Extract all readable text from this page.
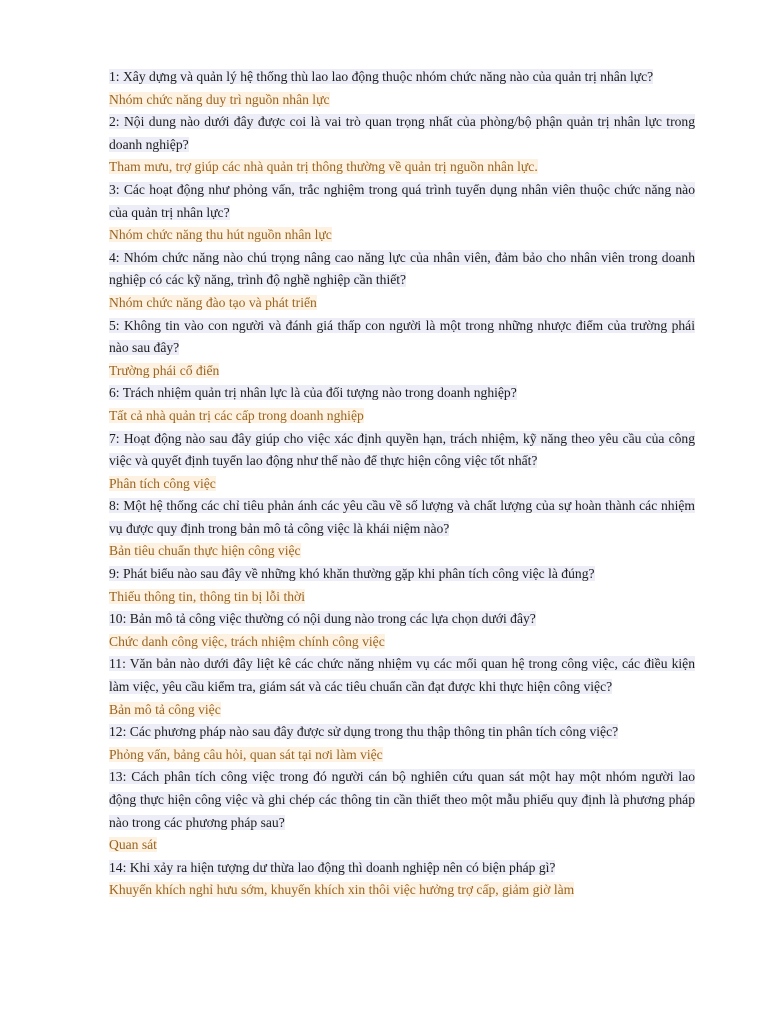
1: Xây dựng và quản lý hệ thống thù lao lao động thuộc nhóm chức năng nào của quản trị nhân lực?

Nhóm chức năng duy trì nguồn nhân lực

2: Nội dung nào dưới đây được coi là vai trò quan trọng nhất của phòng/bộ phận quản trị nhân lực trong doanh nghiệp?

Tham mưu, trợ giúp các nhà quản trị thông thường về quản trị nguồn nhân lực.

3: Các hoạt động như phỏng vấn, trắc nghiệm trong quá trình tuyển dụng nhân viên thuộc chức năng nào của quản trị nhân lực?

Nhóm chức năng thu hút nguồn nhân lực

4: Nhóm chức năng nào chú trọng nâng cao năng lực của nhân viên, đảm bảo cho nhân viên trong doanh nghiệp có các kỹ năng, trình độ nghề nghiệp cần thiết?

Nhóm chức năng đào tạo và phát triển

5: Không tin vào con người và đánh giá thấp con người là một trong những nhược điểm của trường phái nào sau đây?

Trường phái cổ điển

6: Trách nhiệm quản trị nhân lực là của đối tượng nào trong doanh nghiệp?

Tất cả nhà quản trị các cấp trong doanh nghiệp

7: Hoạt động nào sau đây giúp cho việc xác định quyền hạn, trách nhiệm, kỹ năng theo yêu cầu của công việc và quyết định tuyển lao động như thế nào để thực hiện công việc tốt nhất?

Phân tích công việc

8: Một hệ thống các chỉ tiêu phản ánh các yêu cầu về số lượng và chất lượng của sự hoàn thành các nhiệm vụ được quy định trong bản mô tả công việc là khái niệm nào?

Bản tiêu chuẩn thực hiện công việc

9: Phát biểu nào sau đây về những khó khăn thường gặp khi phân tích công việc là đúng?

Thiếu thông tin, thông tin bị lỗi thời

10: Bản mô tả công việc thường có nội dung nào trong các lựa chọn dưới đây?

Chức danh công việc, trách nhiệm chính công việc

11: Văn bản nào dưới đây liệt kê các chức năng nhiệm vụ các mối quan hệ trong công việc, các điều kiện làm việc, yêu cầu kiểm tra, giám sát và các tiêu chuẩn cần đạt được khi thực hiện công việc?

Bản mô tả công việc

12: Các phương pháp nào sau đây được sử dụng trong thu thập thông tin phân tích công việc?

Phỏng vấn, bảng câu hỏi, quan sát tại nơi làm việc

13: Cách phân tích công việc trong đó người cán bộ nghiên cứu quan sát một hay một nhóm người lao động thực hiện công việc và ghi chép các thông tin cần thiết theo một mẫu phiếu quy định là phương pháp nào trong các phương pháp sau?

Quan sát

14: Khi xảy ra hiện tượng dư thừa lao động thì doanh nghiệp nên có biện pháp gì?

Khuyến khích nghỉ hưu sớm, khuyến khích xin thôi việc hưởng trợ cấp, giảm giờ làm
